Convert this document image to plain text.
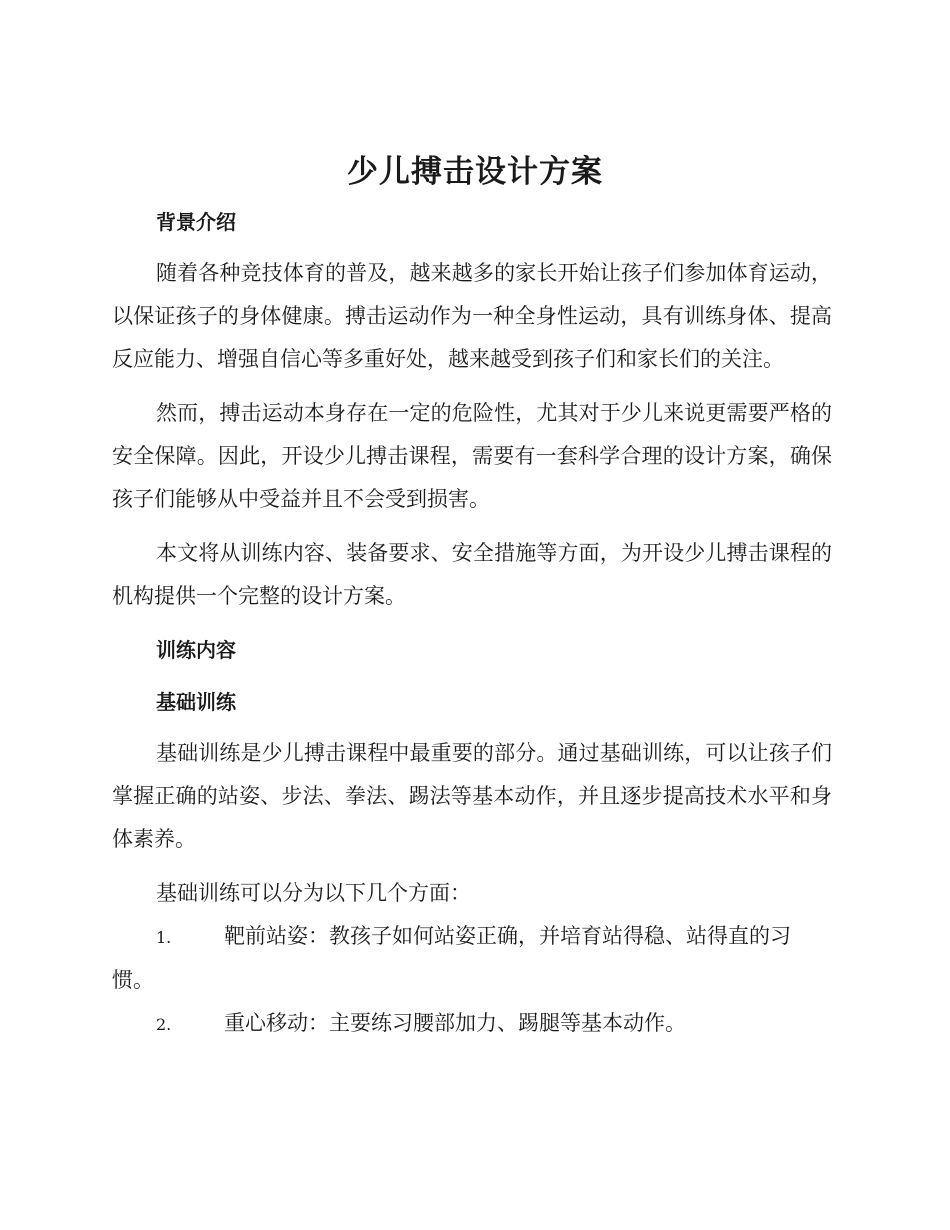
少儿搏击设计方案

背景介绍

随着各种竞技体育的普及，越来越多的家长开始让孩子们参加体育运动，以保证孩子的身体健康。搏击运动作为一种全身性运动，具有训练身体、提高反应能力、增强自信心等多重好处，越来越受到孩子们和家长们的关注。

然而，搏击运动本身存在一定的危险性，尤其对于少儿来说更需要严格的安全保障。因此，开设少儿搏击课程，需要有一套科学合理的设计方案，确保孩子们能够从中受益并且不会受到损害。

本文将从训练内容、装备要求、安全措施等方面，为开设少儿搏击课程的机构提供一个完整的设计方案。

训练内容

基础训练

基础训练是少儿搏击课程中最重要的部分。通过基础训练，可以让孩子们掌握正确的站姿、步法、拳法、踢法等基本动作，并且逐步提高技术水平和身体素养。

基础训练可以分为以下几个方面：

1.	靶前站姿：教孩子如何站姿正确，并培育站得稳、站得直的习惯。

2.	重心移动：主要练习腰部加力、踢腿等基本动作。
